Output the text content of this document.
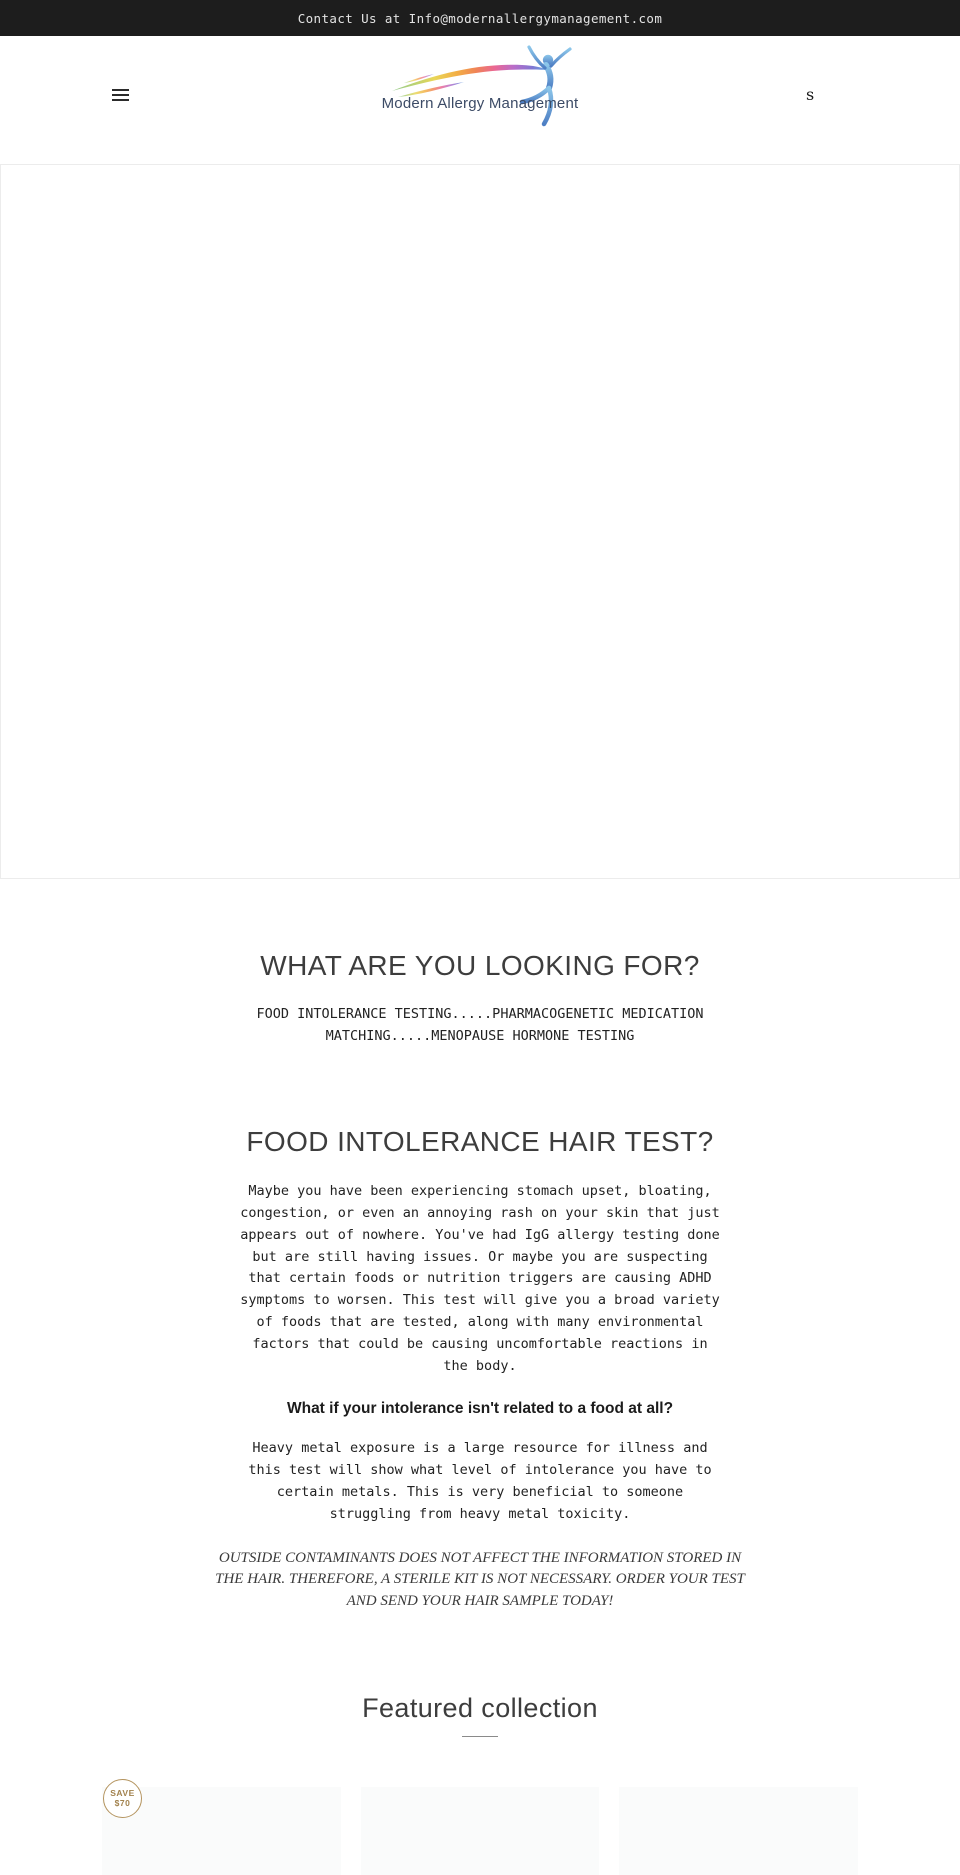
Contact Us at Info@modernallergymanagement.com
Modern Allergy Management	s
WHAT ARE YOU LOOKING FOR?

FOOD INTOLERANCE TESTING.....PHARMACOGENETIC MEDICATION MATCHING.....MENOPAUSE HORMONE TESTING

FOOD INTOLERANCE HAIR TEST?

Maybe you have been experiencing stomach upset, bloating, congestion, or even an annoying rash on your skin that just appears out of nowhere. You've had IgG allergy testing done but are still having issues. Or maybe you are suspecting that certain foods or nutrition triggers are causing ADHD symptoms to worsen. This test will give you a broad variety of foods that are tested, along with many environmental factors that could be causing uncomfortable reactions in the body.

What if your intolerance isn't related to a food at all?

Heavy metal exposure is a large resource for illness and this test will show what level of intolerance you have to certain metals. This is very beneficial to someone struggling from heavy metal toxicity.

OUTSIDE CONTAMINANTS DOES NOT AFFECT THE INFORMATION STORED IN THE HAIR. THEREFORE, A STERILE KIT IS NOT NECESSARY. ORDER YOUR TEST AND SEND YOUR HAIR SAMPLE TODAY!

Featured collection
SAVE
$70
